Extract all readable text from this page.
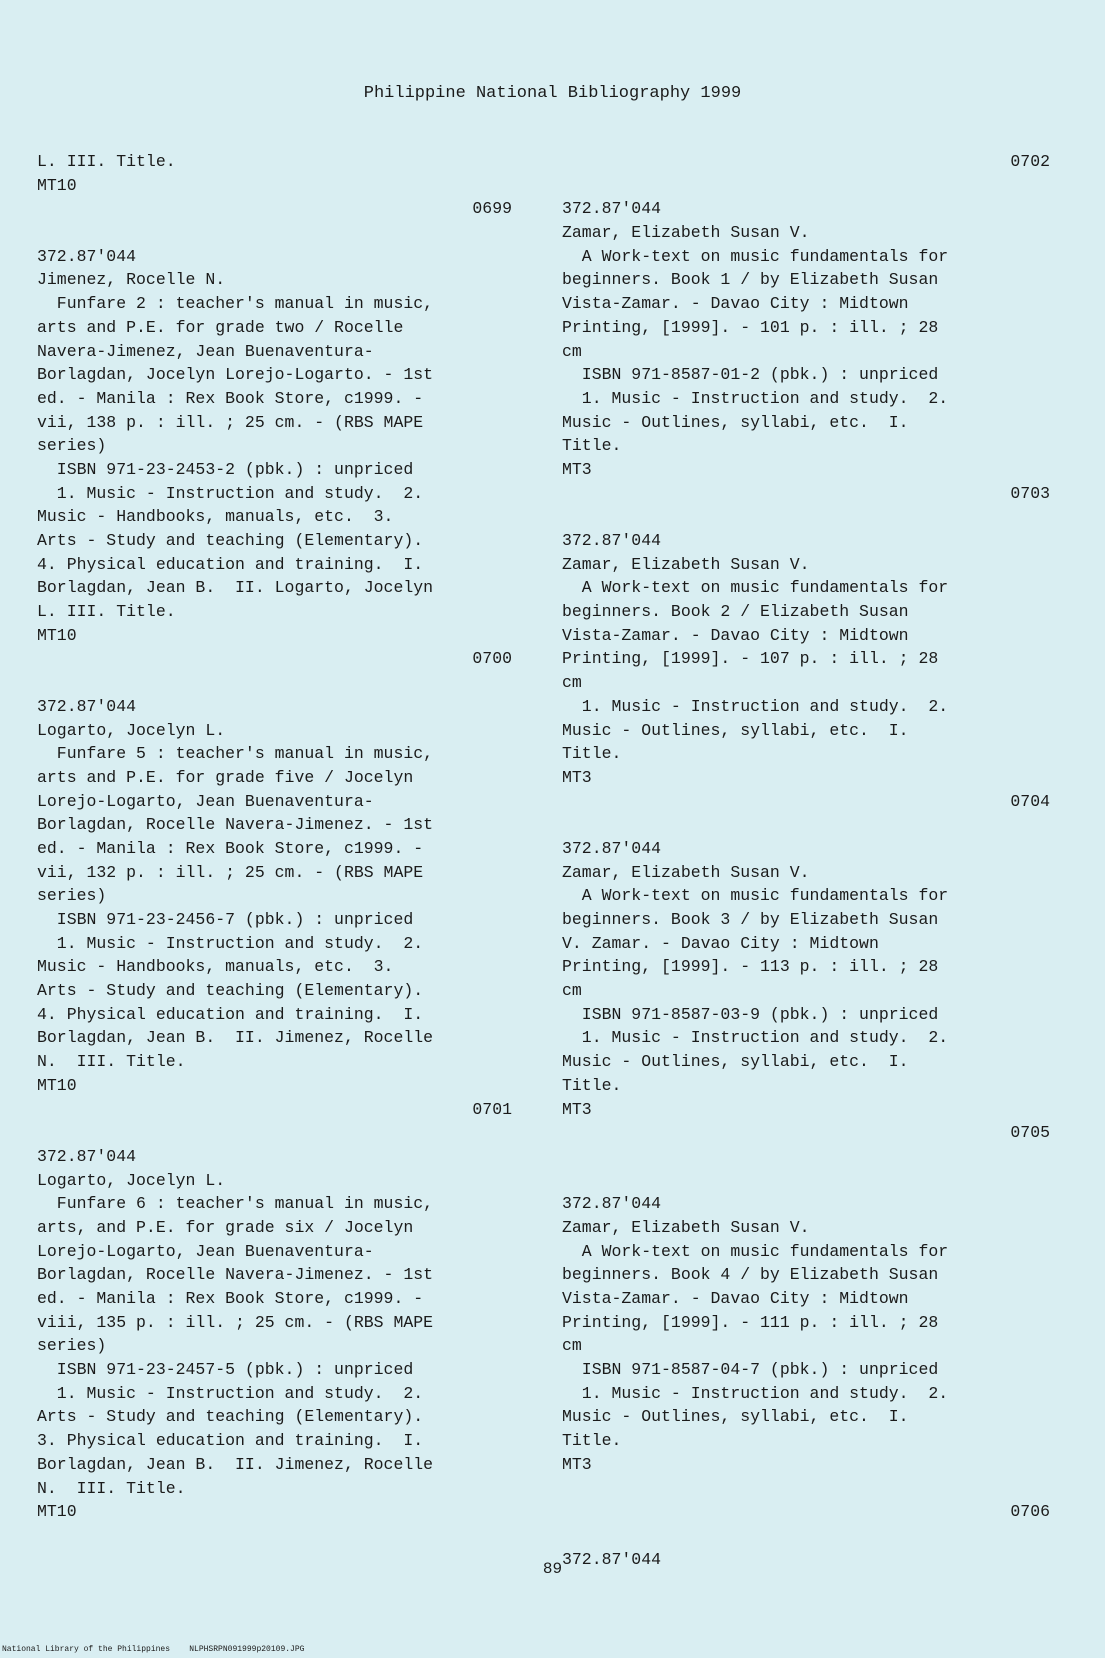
Philippine National Bibliography 1999
L. III. Title.
MT10
0699
372.87'044
Jimenez, Rocelle N.
Funfare 2 : teacher's manual in music,
arts and P.E. for grade two / Rocelle
Navera-Jimenez, Jean Buenaventura-
Borlagdan, Jocelyn Lorejo-Logarto. - 1st
ed. - Manila : Rex Book Store, c1999. -
vii, 138 p. : ill. ; 25 cm. - (RBS MAPE
series)
ISBN 971-23-2453-2 (pbk.) : unpriced
1. Music - Instruction and study.  2.
Music - Handbooks, manuals, etc.  3.
Arts - Study and teaching (Elementary).
4. Physical education and training.  I.
Borlagdan, Jean B.  II. Logarto, Jocelyn
L. III. Title.
MT10
0700
372.87'044
Logarto, Jocelyn L.
Funfare 5 : teacher's manual in music,
arts and P.E. for grade five / Jocelyn
Lorejo-Logarto, Jean Buenaventura-
Borlagdan, Rocelle Navera-Jimenez. - 1st
ed. - Manila : Rex Book Store, c1999. -
vii, 132 p. : ill. ; 25 cm. - (RBS MAPE
series)
ISBN 971-23-2456-7 (pbk.) : unpriced
1. Music - Instruction and study.  2.
Music - Handbooks, manuals, etc.  3.
Arts - Study and teaching (Elementary).
4. Physical education and training.  I.
Borlagdan, Jean B.  II. Jimenez, Rocelle
N.  III. Title.
MT10
0701
372.87'044
Logarto, Jocelyn L.
Funfare 6 : teacher's manual in music,
arts, and P.E. for grade six / Jocelyn
Lorejo-Logarto, Jean Buenaventura-
Borlagdan, Rocelle Navera-Jimenez. - 1st
ed. - Manila : Rex Book Store, c1999. -
viii, 135 p. : ill. ; 25 cm. - (RBS MAPE
series)
ISBN 971-23-2457-5 (pbk.) : unpriced
1. Music - Instruction and study.  2.
Arts - Study and teaching (Elementary).
3. Physical education and training.  I.
Borlagdan, Jean B.  II. Jimenez, Rocelle
N.  III. Title.
MT10
0702
372.87'044
Zamar, Elizabeth Susan V.
A Work-text on music fundamentals for
beginners. Book 1 / by Elizabeth Susan
Vista-Zamar. - Davao City : Midtown
Printing, [1999]. - 101 p. : ill. ; 28
cm
ISBN 971-8587-01-2 (pbk.) : unpriced
1. Music - Instruction and study.  2.
Music - Outlines, syllabi, etc.  I.
Title.
MT3
0703
372.87'044
Zamar, Elizabeth Susan V.
A Work-text on music fundamentals for
beginners. Book 2 / Elizabeth Susan
Vista-Zamar. - Davao City : Midtown
Printing, [1999]. - 107 p. : ill. ; 28
cm
1. Music - Instruction and study.  2.
Music - Outlines, syllabi, etc.  I.
Title.
MT3
0704
372.87'044
Zamar, Elizabeth Susan V.
A Work-text on music fundamentals for
beginners. Book 3 / by Elizabeth Susan
V. Zamar. - Davao City : Midtown
Printing, [1999]. - 113 p. : ill. ; 28
cm
ISBN 971-8587-03-9 (pbk.) : unpriced
1. Music - Instruction and study.  2.
Music - Outlines, syllabi, etc.  I.
Title.
MT3
0705
372.87'044
Zamar, Elizabeth Susan V.
A Work-text on music fundamentals for
beginners. Book 4 / by Elizabeth Susan
Vista-Zamar. - Davao City : Midtown
Printing, [1999]. - 111 p. : ill. ; 28
cm
ISBN 971-8587-04-7 (pbk.) : unpriced
1. Music - Instruction and study.  2.
Music - Outlines, syllabi, etc.  I.
Title.
MT3
0706
372.87'044
89
National Library of the Philippines    NLPHSRPN091999p20109.JPG
